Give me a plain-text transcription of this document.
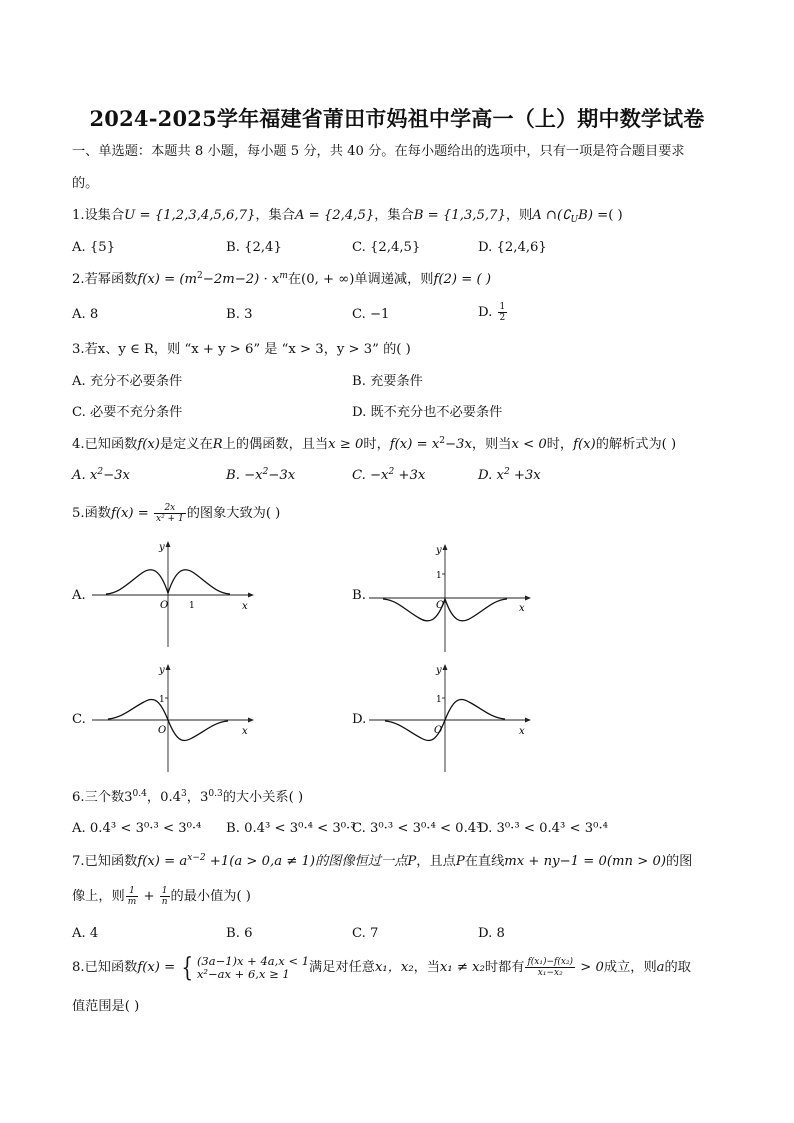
2024-2025学年福建省莆田市妈祖中学高一（上）期中数学试卷
一、单选题：本题共 8 小题，每小题 5 分，共 40 分。在每小题给出的选项中，只有一项是符合题目要求
的。
1.设集合U = {1,2,3,4,5,6,7}，集合A = {2,4,5}，集合B = {1,3,5,7}，则A $\cap(∁_UB)$ =( )
A. {5}	B. {2,4}	C. {2,4,5}	D. {2,4,6}
2.若幂函数$f(x) = (m^2-2m-2) \cdot x^m$在(0, + ∞)单调递减，则f(2) = ( )
A. 8	B. 3	C. −1	D. $\frac{1}{2}$
3.若x、y ∈ R，则 “x + y > 6” 是 “x > 3，y > 3” 的( )
A. 充分不必要条件	B. 充要条件
C. 必要不充分条件	D. 既不充分也不必要条件
4.已知函数f(x)是定义在R上的偶函数，且当x ≥ 0时，$f(x) = x^2-3x$，则当x < 0时，f(x)的解析式为( )
A. $x^2-3x$	B. $-x^2-3x$	C. $-x^2 +3x$	D. $x^2 +3x$
5.函数$f(x) = \frac{2x}{\text{x² + 1}}$ 的图象大致为( )
A.	B.
C.	D.
y
x
O 1
y
x
O
1
y
x
O
1
y
x
O
1
6.三个数$3^{0.4}$，$0.4^3$，$3^{0.3}$的大小关系( )
A. 0.4³ < 3⁰·³ < 3⁰·⁴ B. 0.4³ < 3⁰·⁴ < 3⁰·³
C. 3⁰·³ < 3⁰·⁴ < 0.4³
D. 3⁰·³ < 0.4³ < 3⁰·⁴
7.已知函数$f(x) = a^{x-2} +1(a > 0,a \ne 1)$的图像恒过一点P，且点P在直线mx + ny−1 = 0(mn > 0)的图
像上，则 $\frac{1}{m} + \frac{1}{n}$ 的最小值为( )
A. 4	B. 6	C. 7	D. 8
8.已知函数f(x) = { (3a−1)x + 4a,x < 1
x²−ax + 6,x ≥ 1	满足对任意x₁，x₂，当x₁ ≠ x₂时都有 $\frac{\text{f(x₁)−f(x₂)}}{\text{x₁−x₂}} > 0$成立，则a的取
值范围是( )
